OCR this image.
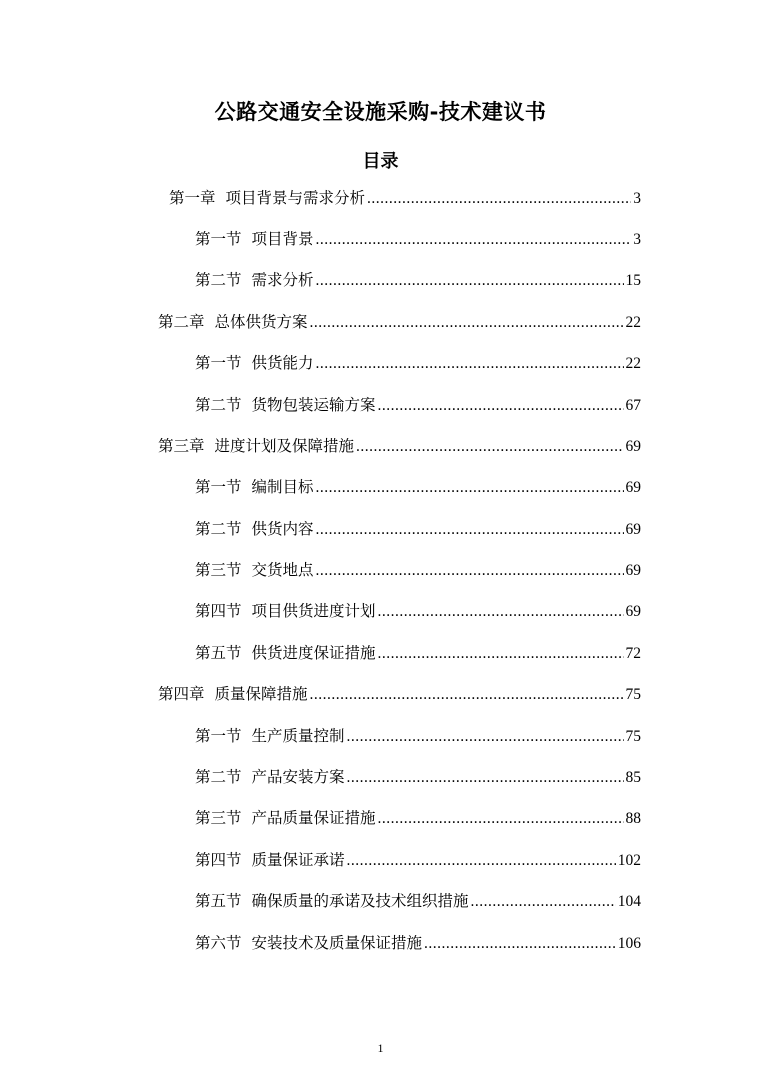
公路交通安全设施采购-技术建议书
目录
第一章 项目背景与需求分析 .....	3
第一节 项目背景 .....	3
第二节 需求分析 .....	15
第二章 总体供货方案 .....	22
第一节 供货能力 .....	22
第二节 货物包装运输方案 .....	67
第三章 进度计划及保障措施 .....	69
第一节 编制目标 .....	69
第二节 供货内容 .....	69
第三节 交货地点 .....	69
第四节 项目供货进度计划 .....	69
第五节 供货进度保证措施 .....	72
第四章 质量保障措施 .....	75
第一节 生产质量控制 .....	75
第二节 产品安装方案 .....	85
第三节 产品质量保证措施 .....	88
第四节 质量保证承诺 .....	102
第五节 确保质量的承诺及技术组织措施 .....	104
第六节 安装技术及质量保证措施 .....	106
1
